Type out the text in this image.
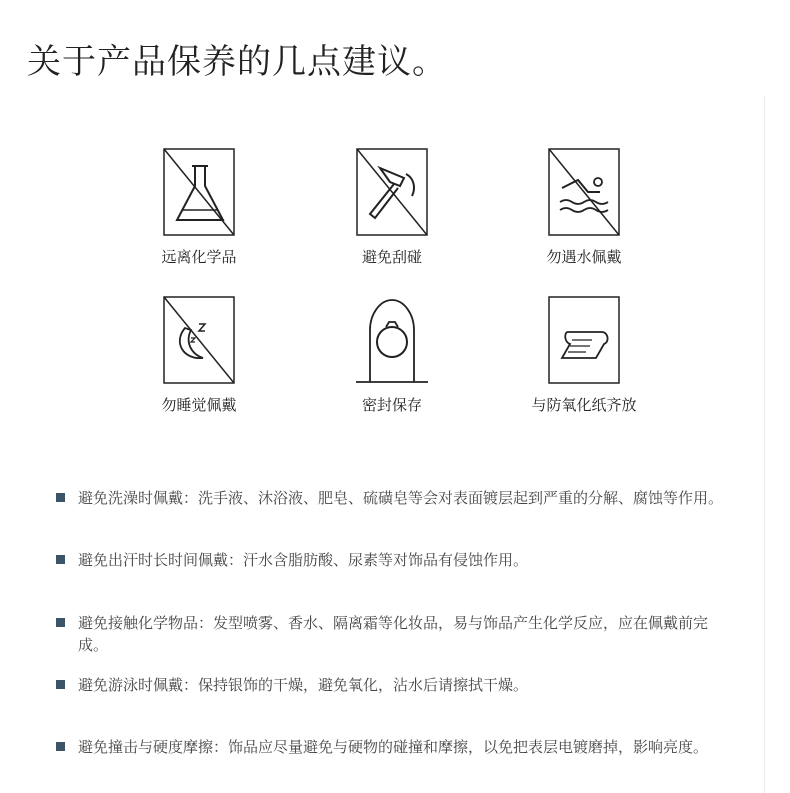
关于产品保养的几点建议。
远离化学品	避免刮碰	勿遇水佩戴
勿睡觉佩戴	密封保存	与防氧化纸齐放
避免洗澡时佩戴：洗手液、沐浴液、肥皂、硫磺皂等会对表面镀层起到严重的分解、腐蚀等作用。
避免出汗时长时间佩戴：汗水含脂肪酸、尿素等对饰品有侵蚀作用。
避免接触化学物品：发型喷雾、香水、隔离霜等化妆品，易与饰品产生化学反应，应在佩戴前完成。
避免游泳时佩戴：保持银饰的干燥，避免氧化，沾水后请擦拭干燥。
避免撞击与硬度摩擦：饰品应尽量避免与硬物的碰撞和摩擦，以免把表层电镀磨掉，影响亮度。
